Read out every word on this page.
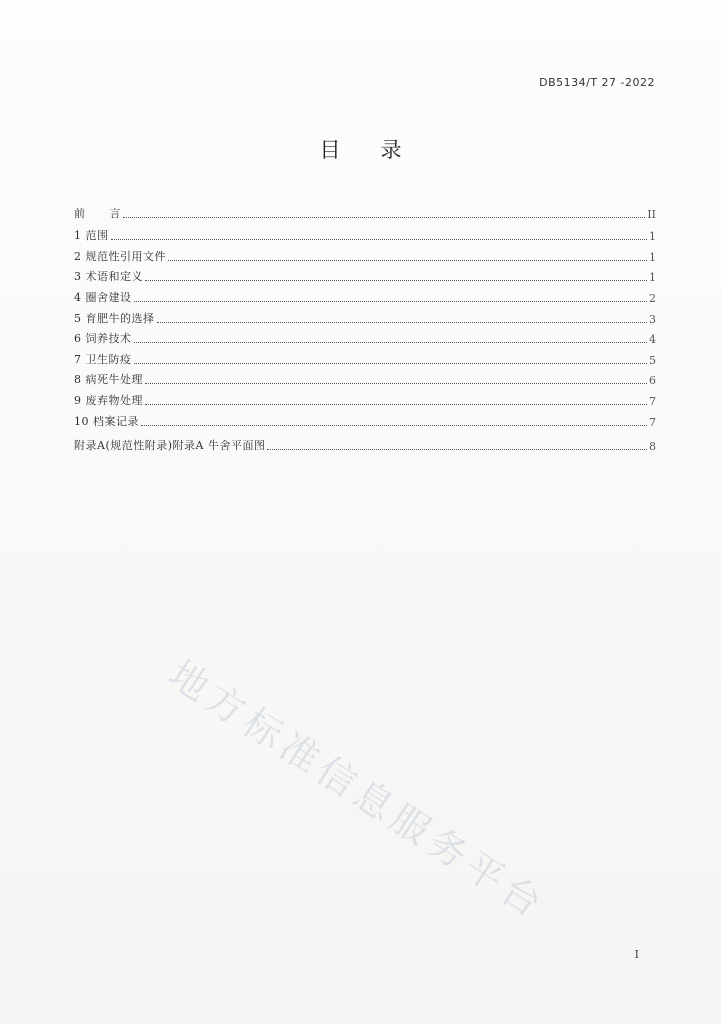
DB5134/T 27 -2022
目 录
前 言	II
1 范围	1
2 规范性引用文件	1
3 术语和定义	1
4 圈舍建设	2
5 育肥牛的选择	3
6 饲养技术	4
7 卫生防疫	5
8 病死牛处理	6
9 废弃物处理	7
10 档案记录	7
附录A(规范性附录)附录A 牛舍平面图	8
地方标准信息服务平台
I
